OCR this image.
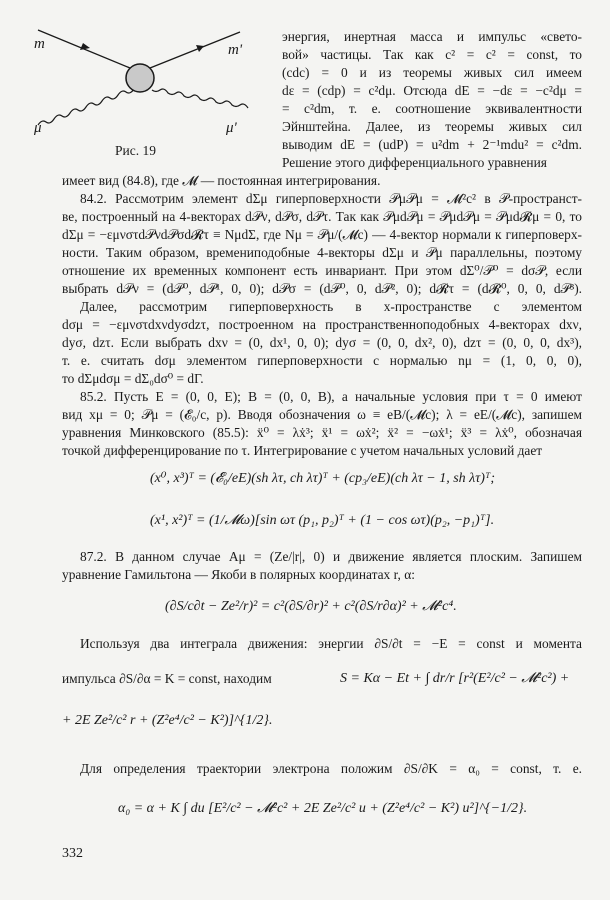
m	m'
μ	μ'
Рис. 19
энергия, инертная масса и импульс «свето-
вой» частицы. Так как c² = c² = const, то
(cdc) = 0 и из теоремы живых сил имеем
dε = (cdp) = c²dμ. Отсюда dE = −dε = −c²dμ =
= c²dm, т. е. соотношение эквивалентности
Эйнштейна. Далее, из теоремы живых сил
выводим dE = (udP) = u²dm + 2⁻¹mdu² = c²dm.
Решение этого дифференциального уравнения
имеет вид (84.8), где 𝓜 — постоянная интегрирования.
84.2. Рассмотрим элемент dΣμ гиперповерхности 𝒫μ𝒫μ = 𝓜²c² в 𝒫-пространст-
ве, построенный на 4-векторах d𝒫ν, d𝒫σ, d𝒫τ. Так как 𝒫μd𝒫μ = 𝒫μd𝒫μ = 𝒫μd𝓡μ = 0, то
dΣμ = −εμνστd𝒫νd𝒫σd𝓡τ ≡ NμdΣ, где Nμ = 𝒫μ/(𝓜c) — 4-вектор нормали к гиперповерх-
ности. Таким образом, времениподобные 4-векторы dΣμ и 𝒫μ параллельны, поэтому
отношение их временных компонент есть инвариант. При этом dΣ⁰/𝒫⁰ = dσ𝒫, если
выбрать d𝒫ν = (d𝒫⁰, d𝒫¹, 0, 0); d𝒫σ = (d𝒫⁰, 0, d𝒫², 0); d𝓡τ = (d𝓡⁰, 0, 0, d𝒫³).
Далее, рассмотрим гиперповерхность в x-пространстве с элементом
dσμ = −εμνστdxνdyσdzτ, построенном на пространственноподобных 4-векторах dxν,
dyσ, dzτ. Если выбрать dxν = (0, dx¹, 0, 0); dyσ = (0, 0, dx², 0), dzτ = (0, 0, 0, dx³),
т. е. считать dσμ элементом гиперповерхности с нормалью nμ = (1, 0, 0, 0),
то dΣμdσμ = dΣ₀dσ⁰ = dΓ.
85.2. Пусть E = (0, 0, E); B = (0, 0, B), а начальные условия при τ = 0 имеют
вид xμ = 0; 𝒫μ = (𝓔₀/c, p). Вводя обозначения ω ≡ eB/(𝓜c); λ = eE/(𝓜c), запишем
уравнения Минковского (85.5): ẍ⁰ = λẋ³; ẍ¹ = ωẋ²; ẍ² = −ωẋ¹; ẍ³ = λẋ⁰, обозначая
точкой дифференцирование по τ. Интегрирование с учетом начальных условий дает
(x⁰, x³)ᵀ = (𝓔₀/eE)(sh λτ, ch λτ)ᵀ + (cp₃/eE)(ch λτ − 1, sh λτ)ᵀ;
(x¹, x²)ᵀ = (1/𝓜ω)[sin ωτ (p₁, p₂)ᵀ + (1 − cos ωτ)(p₂, −p₁)ᵀ].
87.2. В данном случае Aμ = (Ze/|r|, 0) и движение является плоским. Запишем
уравнение Гамильтона — Якоби в полярных координатах r, α:
(∂S/c∂t − Ze²/r)² = c²(∂S/∂r)² + c²(∂S/r∂α)² + 𝓜²c⁴.
Используя два интеграла движения: энергии ∂S/∂t = −E = const и момента
импульса ∂S/∂α = K = const, находим	S = Kα − Et + ∫ dr/r [r²(E²/c² − 𝓜²c²) +
+ 2E Ze²/c² r + (Z²e⁴/c² − K²)]^{1/2}.
Для определения траектории электрона положим ∂S/∂K = α₀ = const, т. е.
α₀ = α + K ∫ du [E²/c² − 𝓜²c² + 2E Ze²/c² u + (Z²e⁴/c² − K²) u²]^{−1/2}.
332
